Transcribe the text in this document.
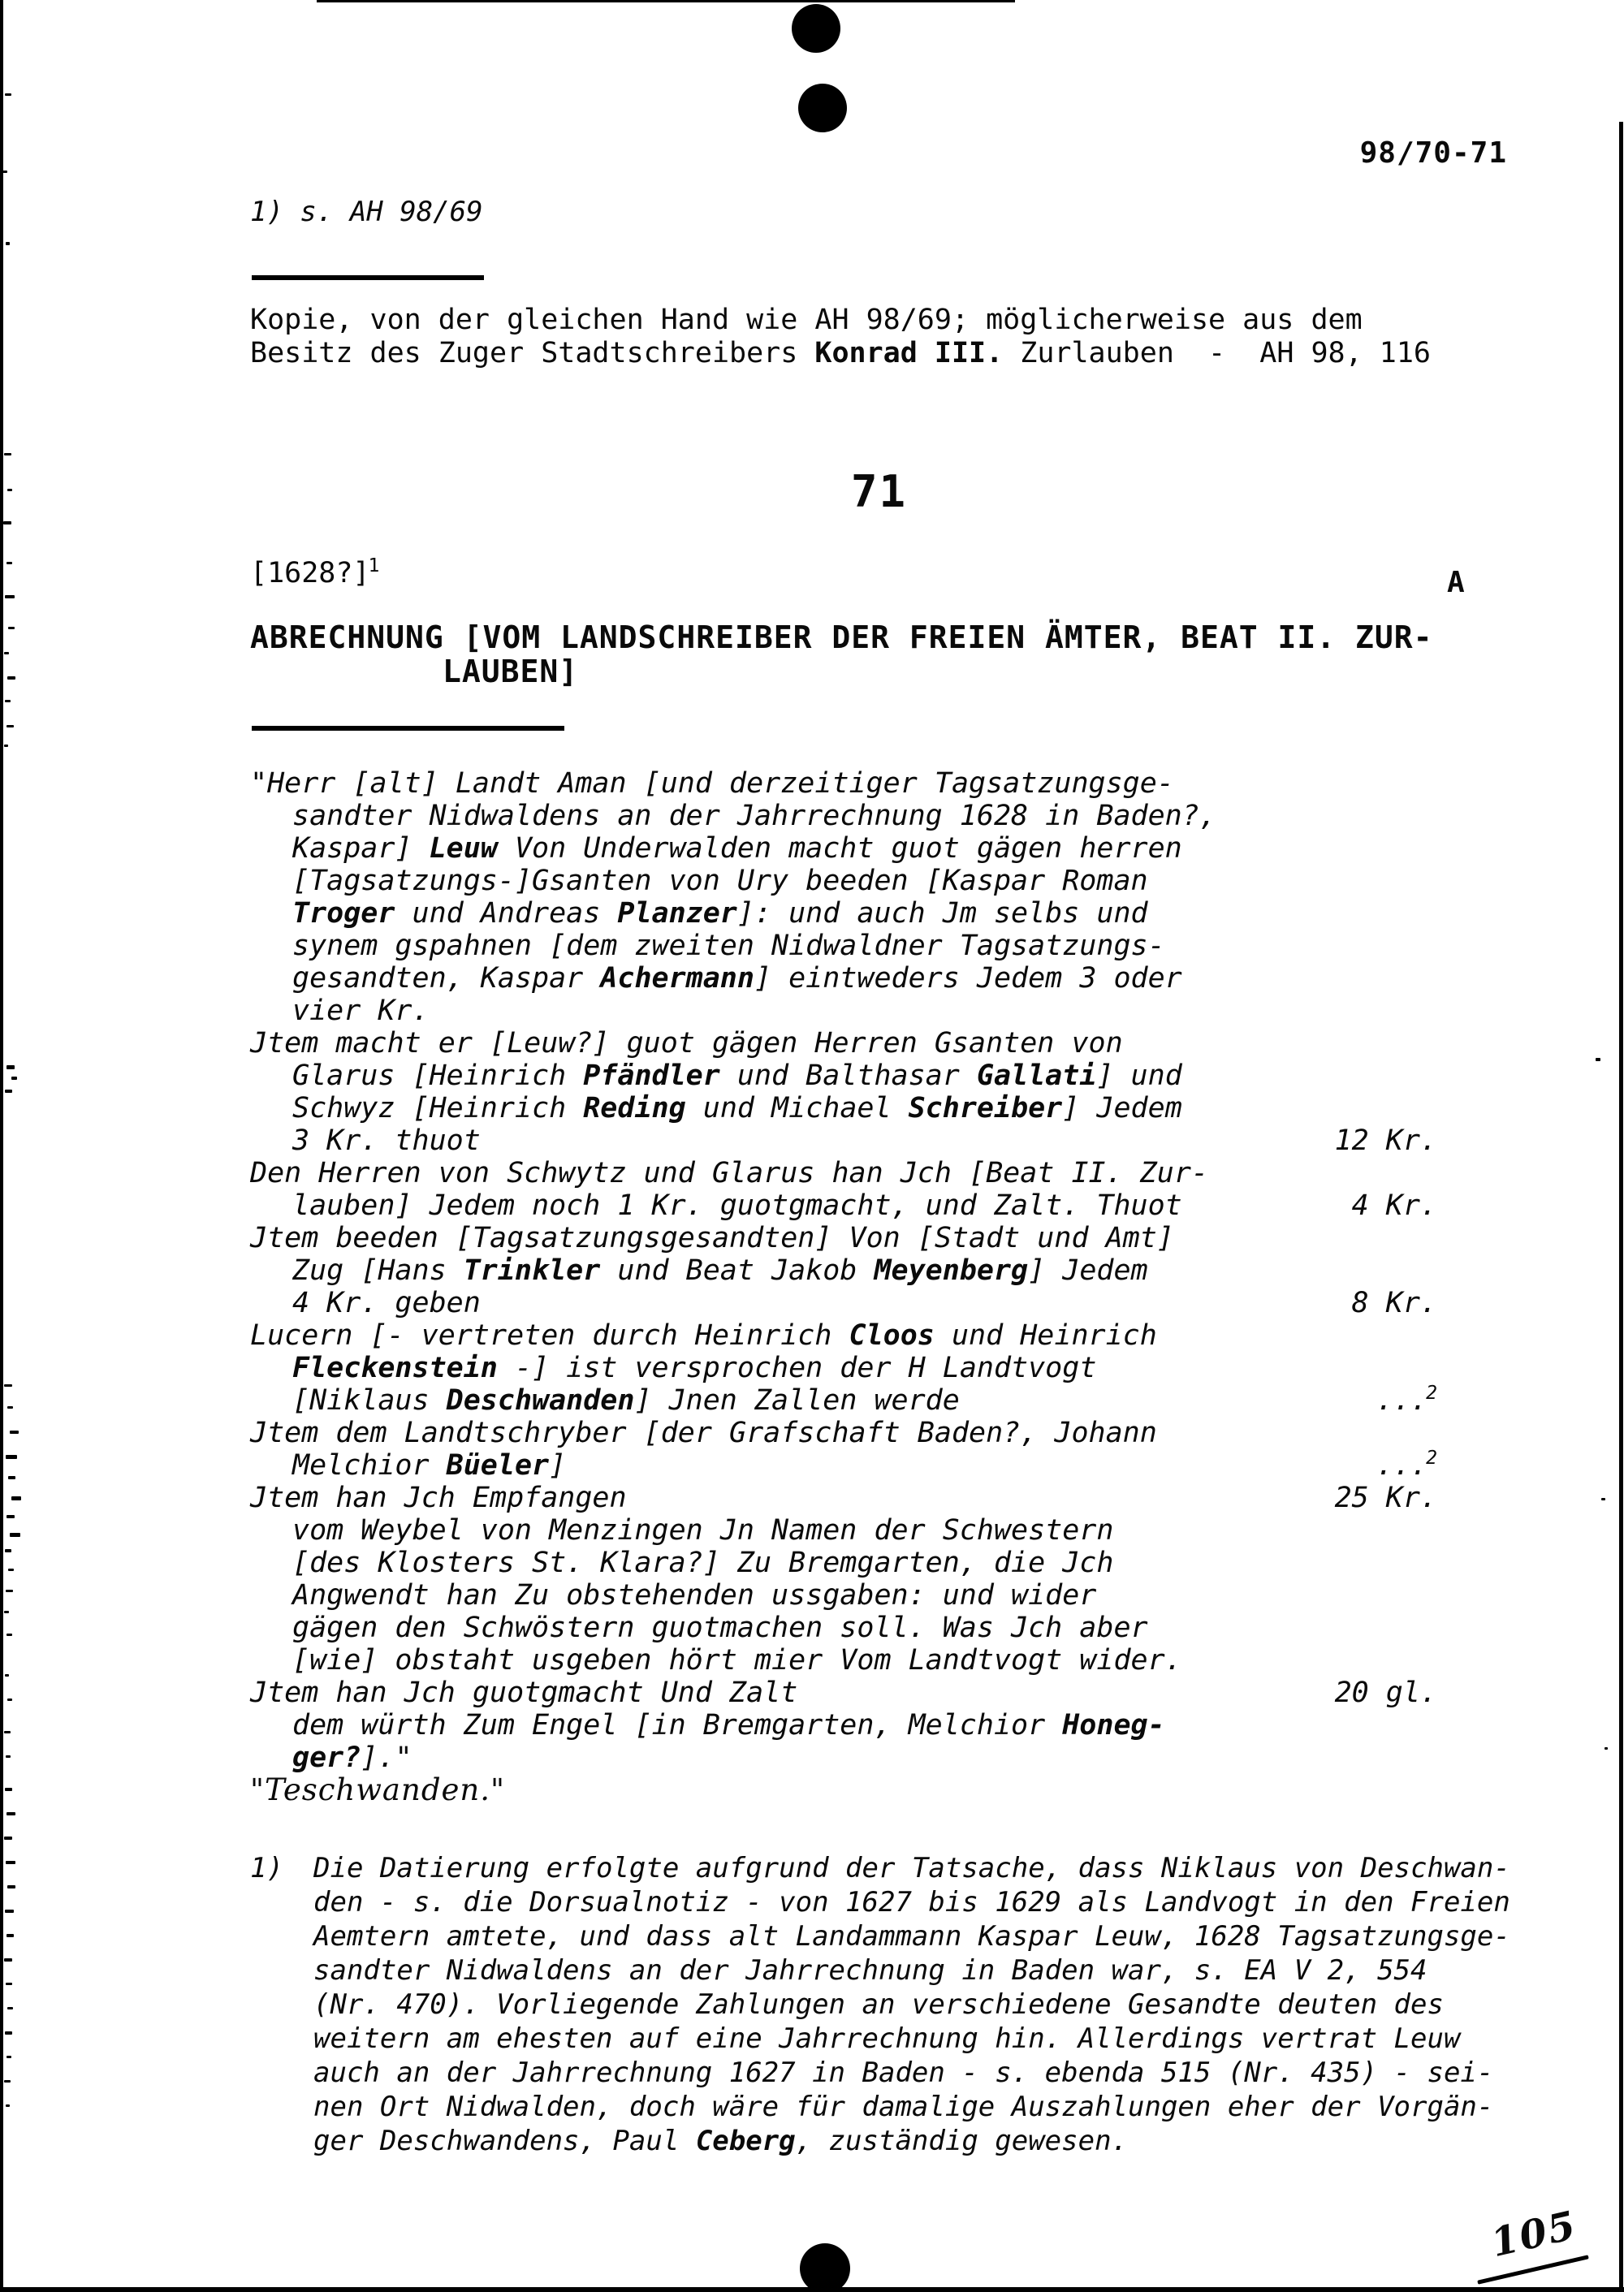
98/70-71
1) s. AH 98/69
Kopie, von der gleichen Hand wie AH 98/69; möglicherweise aus dem
Besitz des Zuger Stadtschreibers Konrad III. Zurlauben  -  AH 98, 116
71
[1628?]$^1$	A
ABRECHNUNG [VOM LANDSCHREIBER DER FREIEN ÄMTER, BEAT II. ZUR-
LAUBEN]
"Herr [alt] Landt Aman [und derzeitiger Tagsatzungsge-
sandter Nidwaldens an der Jahrrechnung 1628 in Baden?,
Kaspar] Leuw Von Underwalden macht guot gägen herren
[Tagsatzungs-]Gsanten von Ury beeden [Kaspar Roman
Troger und Andreas Planzer]: und auch Jm selbs und
synem gspahnen [dem zweiten Nidwaldner Tagsatzungs-
gesandten, Kaspar Achermann] eintweders Jedem 3 oder
vier Kr.
Jtem macht er [Leuw?] guot gägen Herren Gsanten von
Glarus [Heinrich Pfändler und Balthasar Gallati] und
Schwyz [Heinrich Reding und Michael Schreiber] Jedem
3 Kr. thuot	12 Kr.
Den Herren von Schwytz und Glarus han Jch [Beat II. Zur-
lauben] Jedem noch 1 Kr. guotgmacht, und Zalt. Thuot	4 Kr.
Jtem beeden [Tagsatzungsgesandten] Von [Stadt und Amt]
Zug [Hans Trinkler und Beat Jakob Meyenberg] Jedem
4 Kr. geben	8 Kr.
Lucern [- vertreten durch Heinrich Cloos und Heinrich
Fleckenstein -] ist versprochen der H Landtvogt
[Niklaus Deschwanden] Jnen Zallen werde	...$^2$
Jtem dem Landtschryber [der Grafschaft Baden?, Johann
Melchior Büeler]	...$^2$
Jtem han Jch Empfangen	25 Kr.
vom Weybel von Menzingen Jn Namen der Schwestern
[des Klosters St. Klara?] Zu Bremgarten, die Jch
Angwendt han Zu obstehenden ussgaben: und wider
gägen den Schwöstern guotmachen soll. Was Jch aber
[wie] obstaht usgeben hört mier Vom Landtvogt wider.
Jtem han Jch guotgmacht Und Zalt	20 gl.
dem würth Zum Engel [in Bremgarten, Melchior Honeg-
ger?]."
"Teschwanden."
1) Die Datierung erfolgte aufgrund der Tatsache, dass Niklaus von Deschwan-
den - s. die Dorsualnotiz - von 1627 bis 1629 als Landvogt in den Freien
Aemtern amtete, und dass alt Landammann Kaspar Leuw, 1628 Tagsatzungsge-
sandter Nidwaldens an der Jahrrechnung in Baden war, s. EA V 2, 554
(Nr. 470). Vorliegende Zahlungen an verschiedene Gesandte deuten des
weitern am ehesten auf eine Jahrrechnung hin. Allerdings vertrat Leuw
auch an der Jahrrechnung 1627 in Baden - s. ebenda 515 (Nr. 435) - sei-
nen Ort Nidwalden, doch wäre für damalige Auszahlungen eher der Vorgän-
ger Deschwandens, Paul Ceberg, zuständig gewesen.
105
